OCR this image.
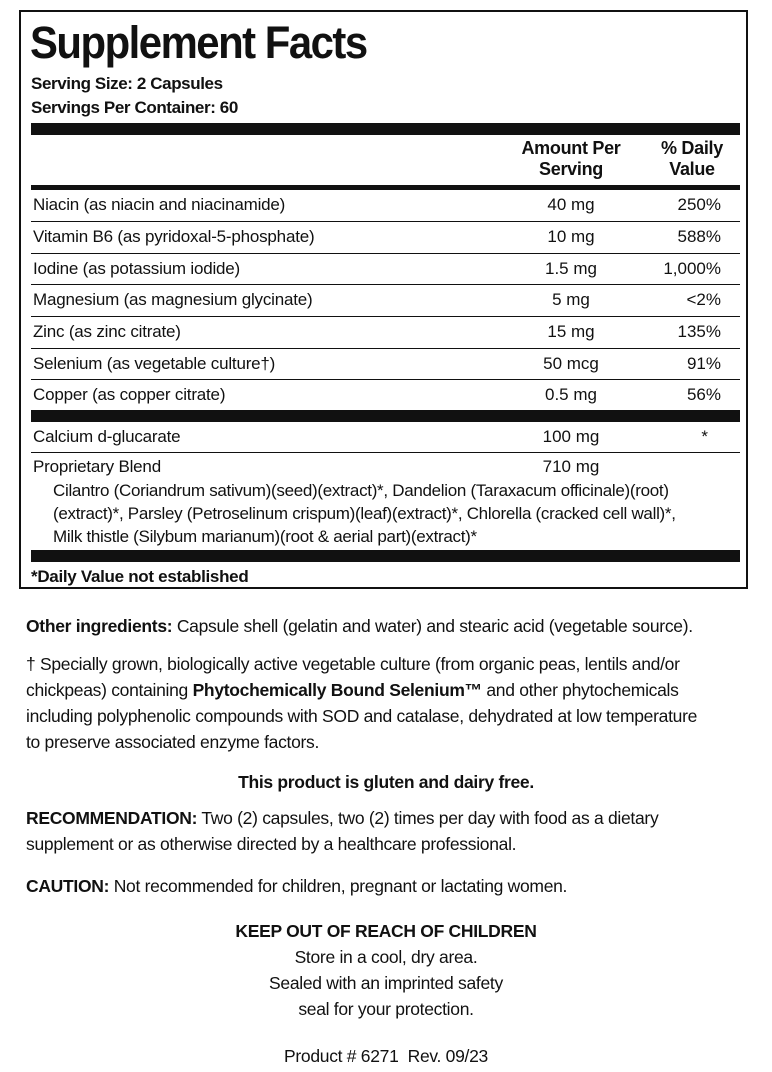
Supplement Facts
Serving Size: 2 Capsules
Servings Per Container: 60
Amount Per
Serving
% Daily
Value
Niacin (as niacin and niacinamide)	40 mg	250%
Vitamin B6 (as pyridoxal-5-phosphate)	10 mg	588%
Iodine (as potassium iodide)	1.5 mg	1,000%
Magnesium (as magnesium glycinate)	5 mg	<2%
Zinc (as zinc citrate)	15 mg	135%
Selenium (as vegetable culture†)	50 mcg	91%
Copper (as copper citrate)	0.5 mg	56%
Calcium d-glucarate	100 mg	*
Proprietary Blend	710 mg
Cilantro (Coriandrum sativum)(seed)(extract)*, Dandelion (Taraxacum officinale)(root)
(extract)*, Parsley (Petroselinum crispum)(leaf)(extract)*, Chlorella (cracked cell wall)*,
Milk thistle (Silybum marianum)(root & aerial part)(extract)*
*Daily Value not established
Other ingredients: Capsule shell (gelatin and water) and stearic acid (vegetable source).
† Specially grown, biologically active vegetable culture (from organic peas, lentils and/or
chickpeas) containing Phytochemically Bound Selenium™ and other phytochemicals
including polyphenolic compounds with SOD and catalase, dehydrated at low temperature
to preserve associated enzyme factors.
This product is gluten and dairy free.
RECOMMENDATION: Two (2) capsules, two (2) times per day with food as a dietary
supplement or as otherwise directed by a healthcare professional.
CAUTION: Not recommended for children, pregnant or lactating women.
KEEP OUT OF REACH OF CHILDREN
Store in a cool, dry area.
Sealed with an imprinted safety
seal for your protection.
Product # 6271  Rev. 09/23
